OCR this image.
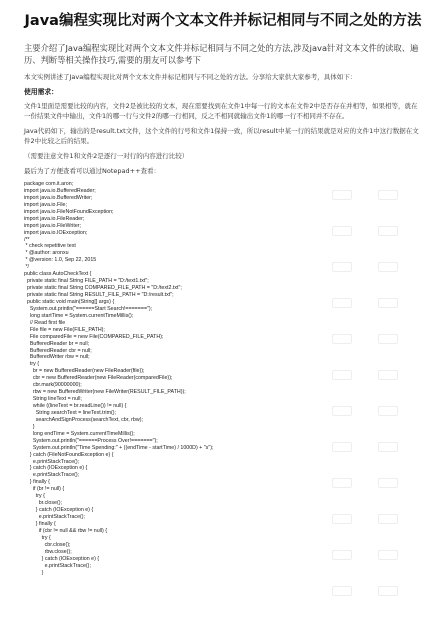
Java编程实现比对两个文本文件并标记相同与不同之处的方法

主要介绍了Java编程实现比对两个文本文件并标记相同与不同之处的方法,涉及java针对文本文件的读取、遍历、判断等相关操作技巧,需要的朋友可以参考下

本文实例讲述了Java编程实现比对两个文本文件并标记相同与不同之处的方法。分享给大家供大家参考，具体如下：

使用需求：

文件1里面是需要比较的内容，文件2是被比较的文本，现在需要找到在文件1中每一行的文本在文件2中是否存在并相等，如果相等，就在一份结果文件中输出，文件1的哪一行与文件2的哪一行相同，反之不相同就输出文件1的哪一行不相同并不存在。

Java代码如下，输出的是result.txt文件，这个文件的行号和文件1保持一致，所以result中某一行的结果就是对应的文件1中这行数据在文件2中比较之后的结果。

（需要注意文件1和文件2是逐行一对行的内容进行比较）

最后为了方便查看可以通过Notepad++查看：

package com.it.aron;
import java.io.BufferedReader;
import java.io.BufferedWriter;
import java.io.File;
import java.io.FileNotFoundException;
import java.io.FileReader;
import java.io.FileWriter;
import java.io.IOException;
/**
* check repetitive text
* @author: aronxu
* @version: 1.0, Sep 22, 2015
*/
public class AutoCheckText {
private static final String FILE_PATH = "D:/text1.txt";
private static final String COMPARED_FILE_PATH = "D:/text2.txt";
private static final String RESULT_FILE_PATH = "D:/result.txt";
public static void main(String[] args) {
System.out.println("======Start Search!=======");
long startTime = System.currentTimeMillis();
// Read first file
File file = new File(FILE_PATH);
File comparedFile = new File(COMPARED_FILE_PATH);
BufferedReader br = null;
BufferedReader cbr = null;
BufferedWriter rbw = null;
try {
br = new BufferedReader(new FileReader(file));
cbr = new BufferedReader(new FileReader(comparedFile));
cbr.mark(90000000);
rbw = new BufferedWriter(new FileWriter(RESULT_FILE_PATH));
String lineText = null;
while ((lineText = br.readLine()) != null) {
String searchText = lineText.trim();
searchAndSignProcess(searchText, cbr, rbw);
}
long endTime = System.currentTimeMillis();
System.out.println("======Process Over!=======");
System.out.println("Time Spending:" + ((endTime - startTime) / 1000D) + "s");
} catch (FileNotFoundException e) {
e.printStackTrace();
} catch (IOException e) {
e.printStackTrace();
} finally {
if (br != null) {
try {
br.close();
} catch (IOException e) {
e.printStackTrace();
} finally {
if (cbr != null && rbw != null) {
try {
cbr.close();
rbw.close();
} catch (IOException e) {
e.printStackTrace();
}
